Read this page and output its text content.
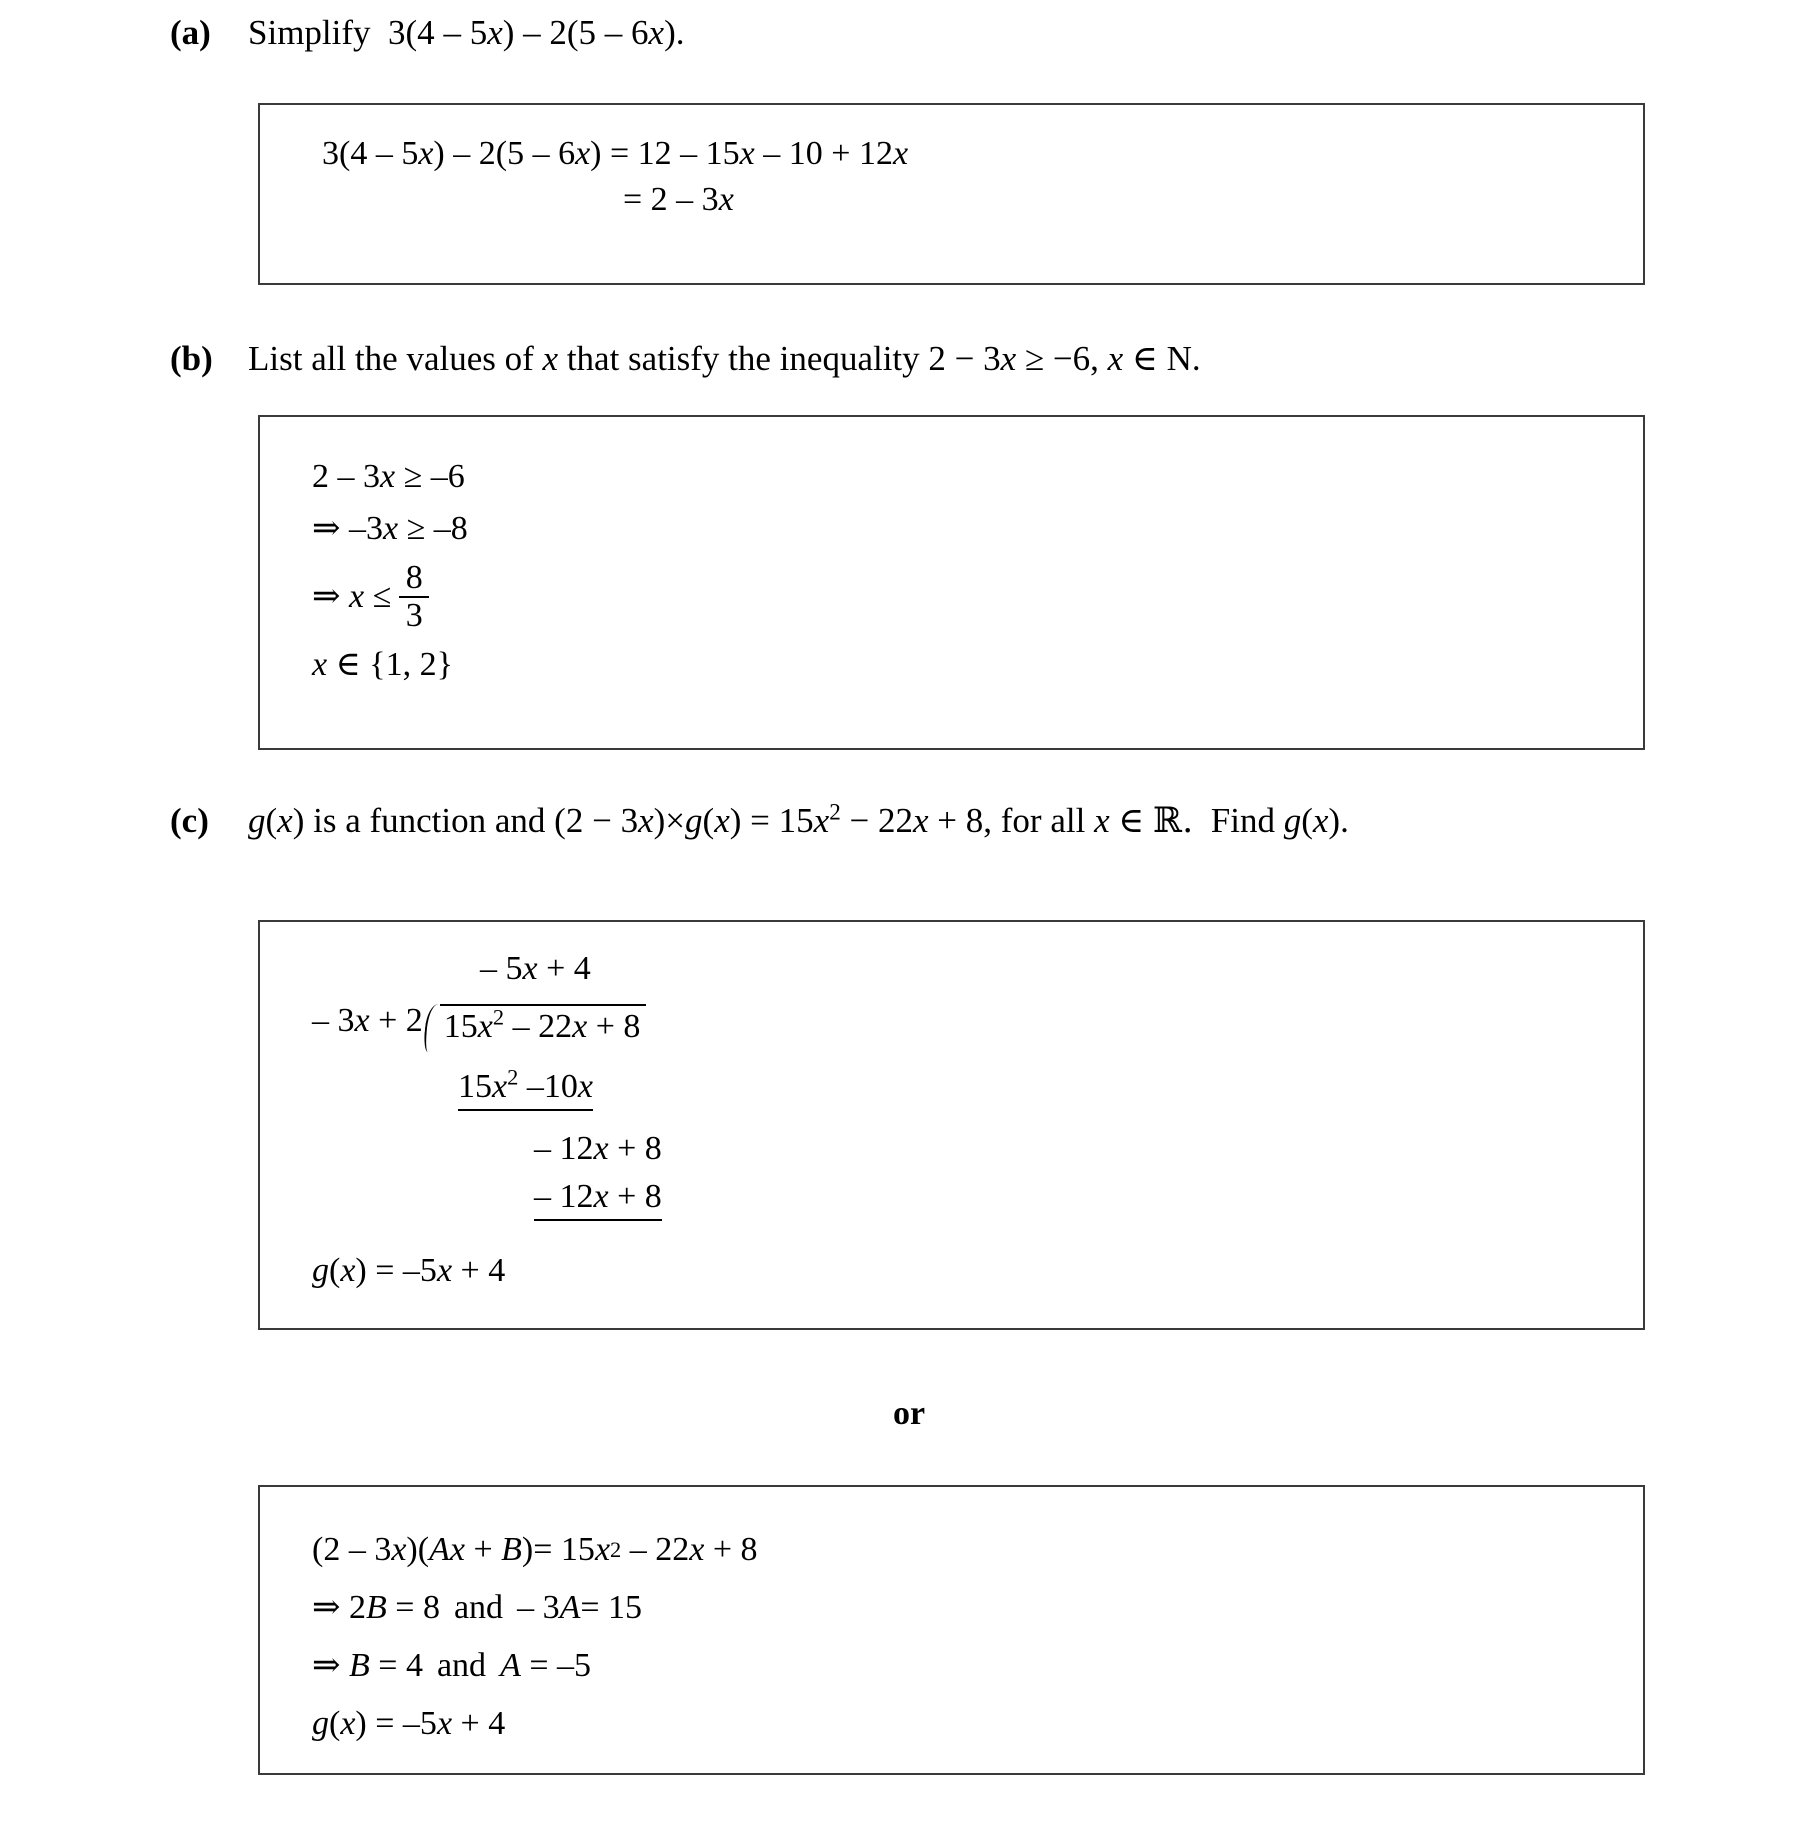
(a)	Simplify 3(4 – 5x) – 2(5 – 6x).
3(4 – 5x) – 2(5 – 6x) = 12 – 15x – 10 + 12x
= 2 – 3x
(b)	List all the values of x that satisfy the inequality 2 − 3x ≥ −6, x ∈ N.
2 – 3 x
≥ –6
⇒ –3 x
≥ –8
⇒
x
≤ $\frac{8}{3}$
x
∈ {1, 2}
(c)	g(x) is a function and $(2 - 3x)\times g(x) = 15x^2 - 22x + 8$, for all x ∈ ℝ. Find g(x).
– 5x + 4
– 3x + 2 $15x^2 - 22x + 8$
$15x^2$ –10x
– 12x + 8
– 12x + 8
g(x) = –5x + 4
or
(2 – 3 x )( A x
+
B ) = 15 x 2
– 22 x
+ 8
⇒ 2 B
= 8 and – 3 A = 15
⇒
B
= 4 and A
= –5
g ( x )
= –5 x
+ 4
